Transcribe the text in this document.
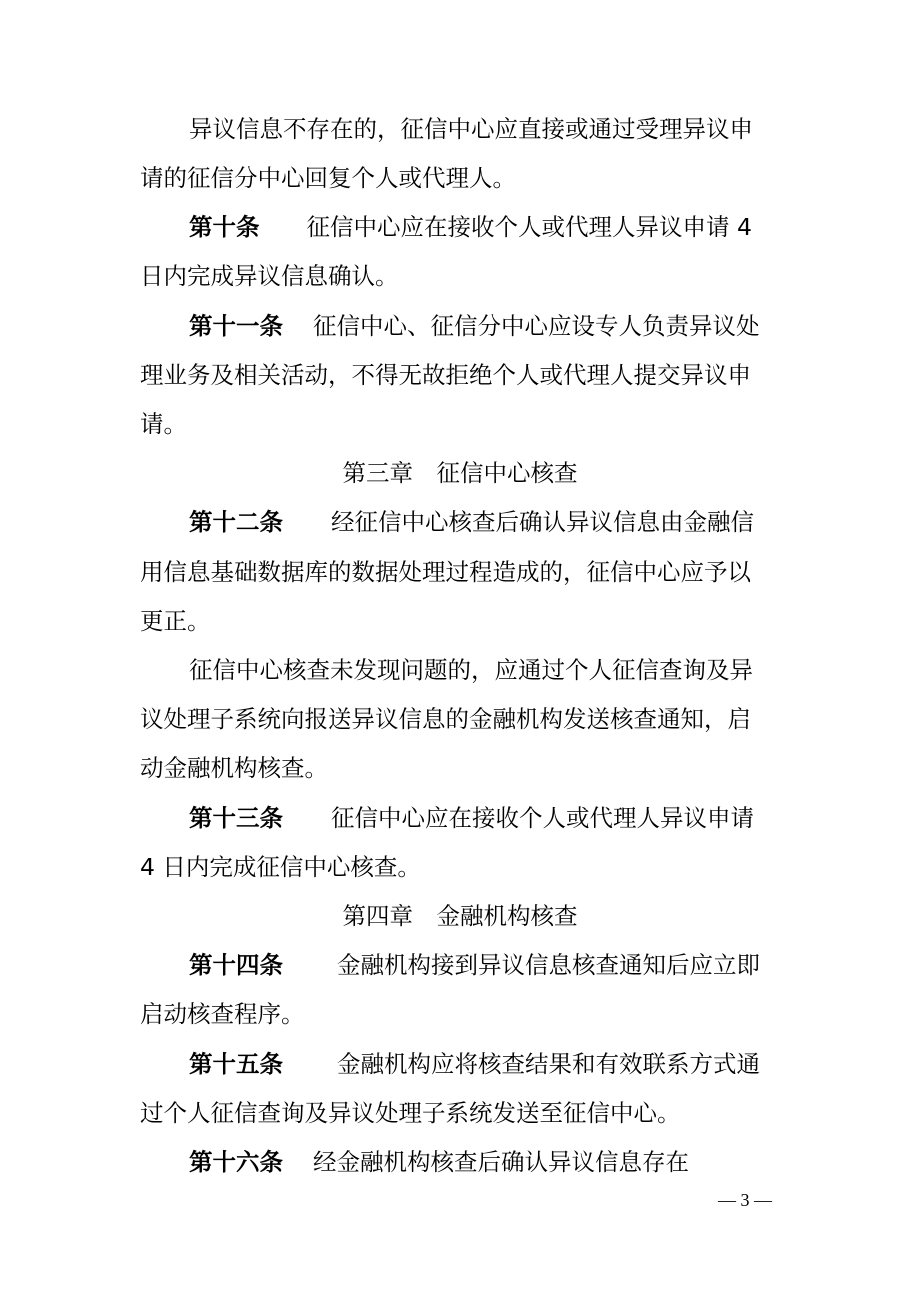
异议信息不存在的，征信中心应直接或通过受理异议申
请的征信分中心回复个人或代理人。
第十条 征信中心应在接收个人或代理人异议申请 4
日内完成异议信息确认。
第十一条 征信中心、征信分中心应设专人负责异议处
理业务及相关活动，不得无故拒绝个人或代理人提交异议申
请。
第三章　征信中心核查
第十二条 经征信中心核查后确认异议信息由金融信
用信息基础数据库的数据处理过程造成的，征信中心应予以
更正。
征信中心核查未发现问题的，应通过个人征信查询及异
议处理子系统向报送异议信息的金融机构发送核查通知，启
动金融机构核查。
第十三条 征信中心应在接收个人或代理人异议申请
4 日内完成征信中心核查。
第四章　金融机构核查
第十四条 金融机构接到异议信息核查通知后应立即
启动核查程序。
第十五条 金融机构应将核查结果和有效联系方式通
过个人征信查询及异议处理子系统发送至征信中心。
第十六条 经金融机构核查后确认异议信息存在
— 3 —
